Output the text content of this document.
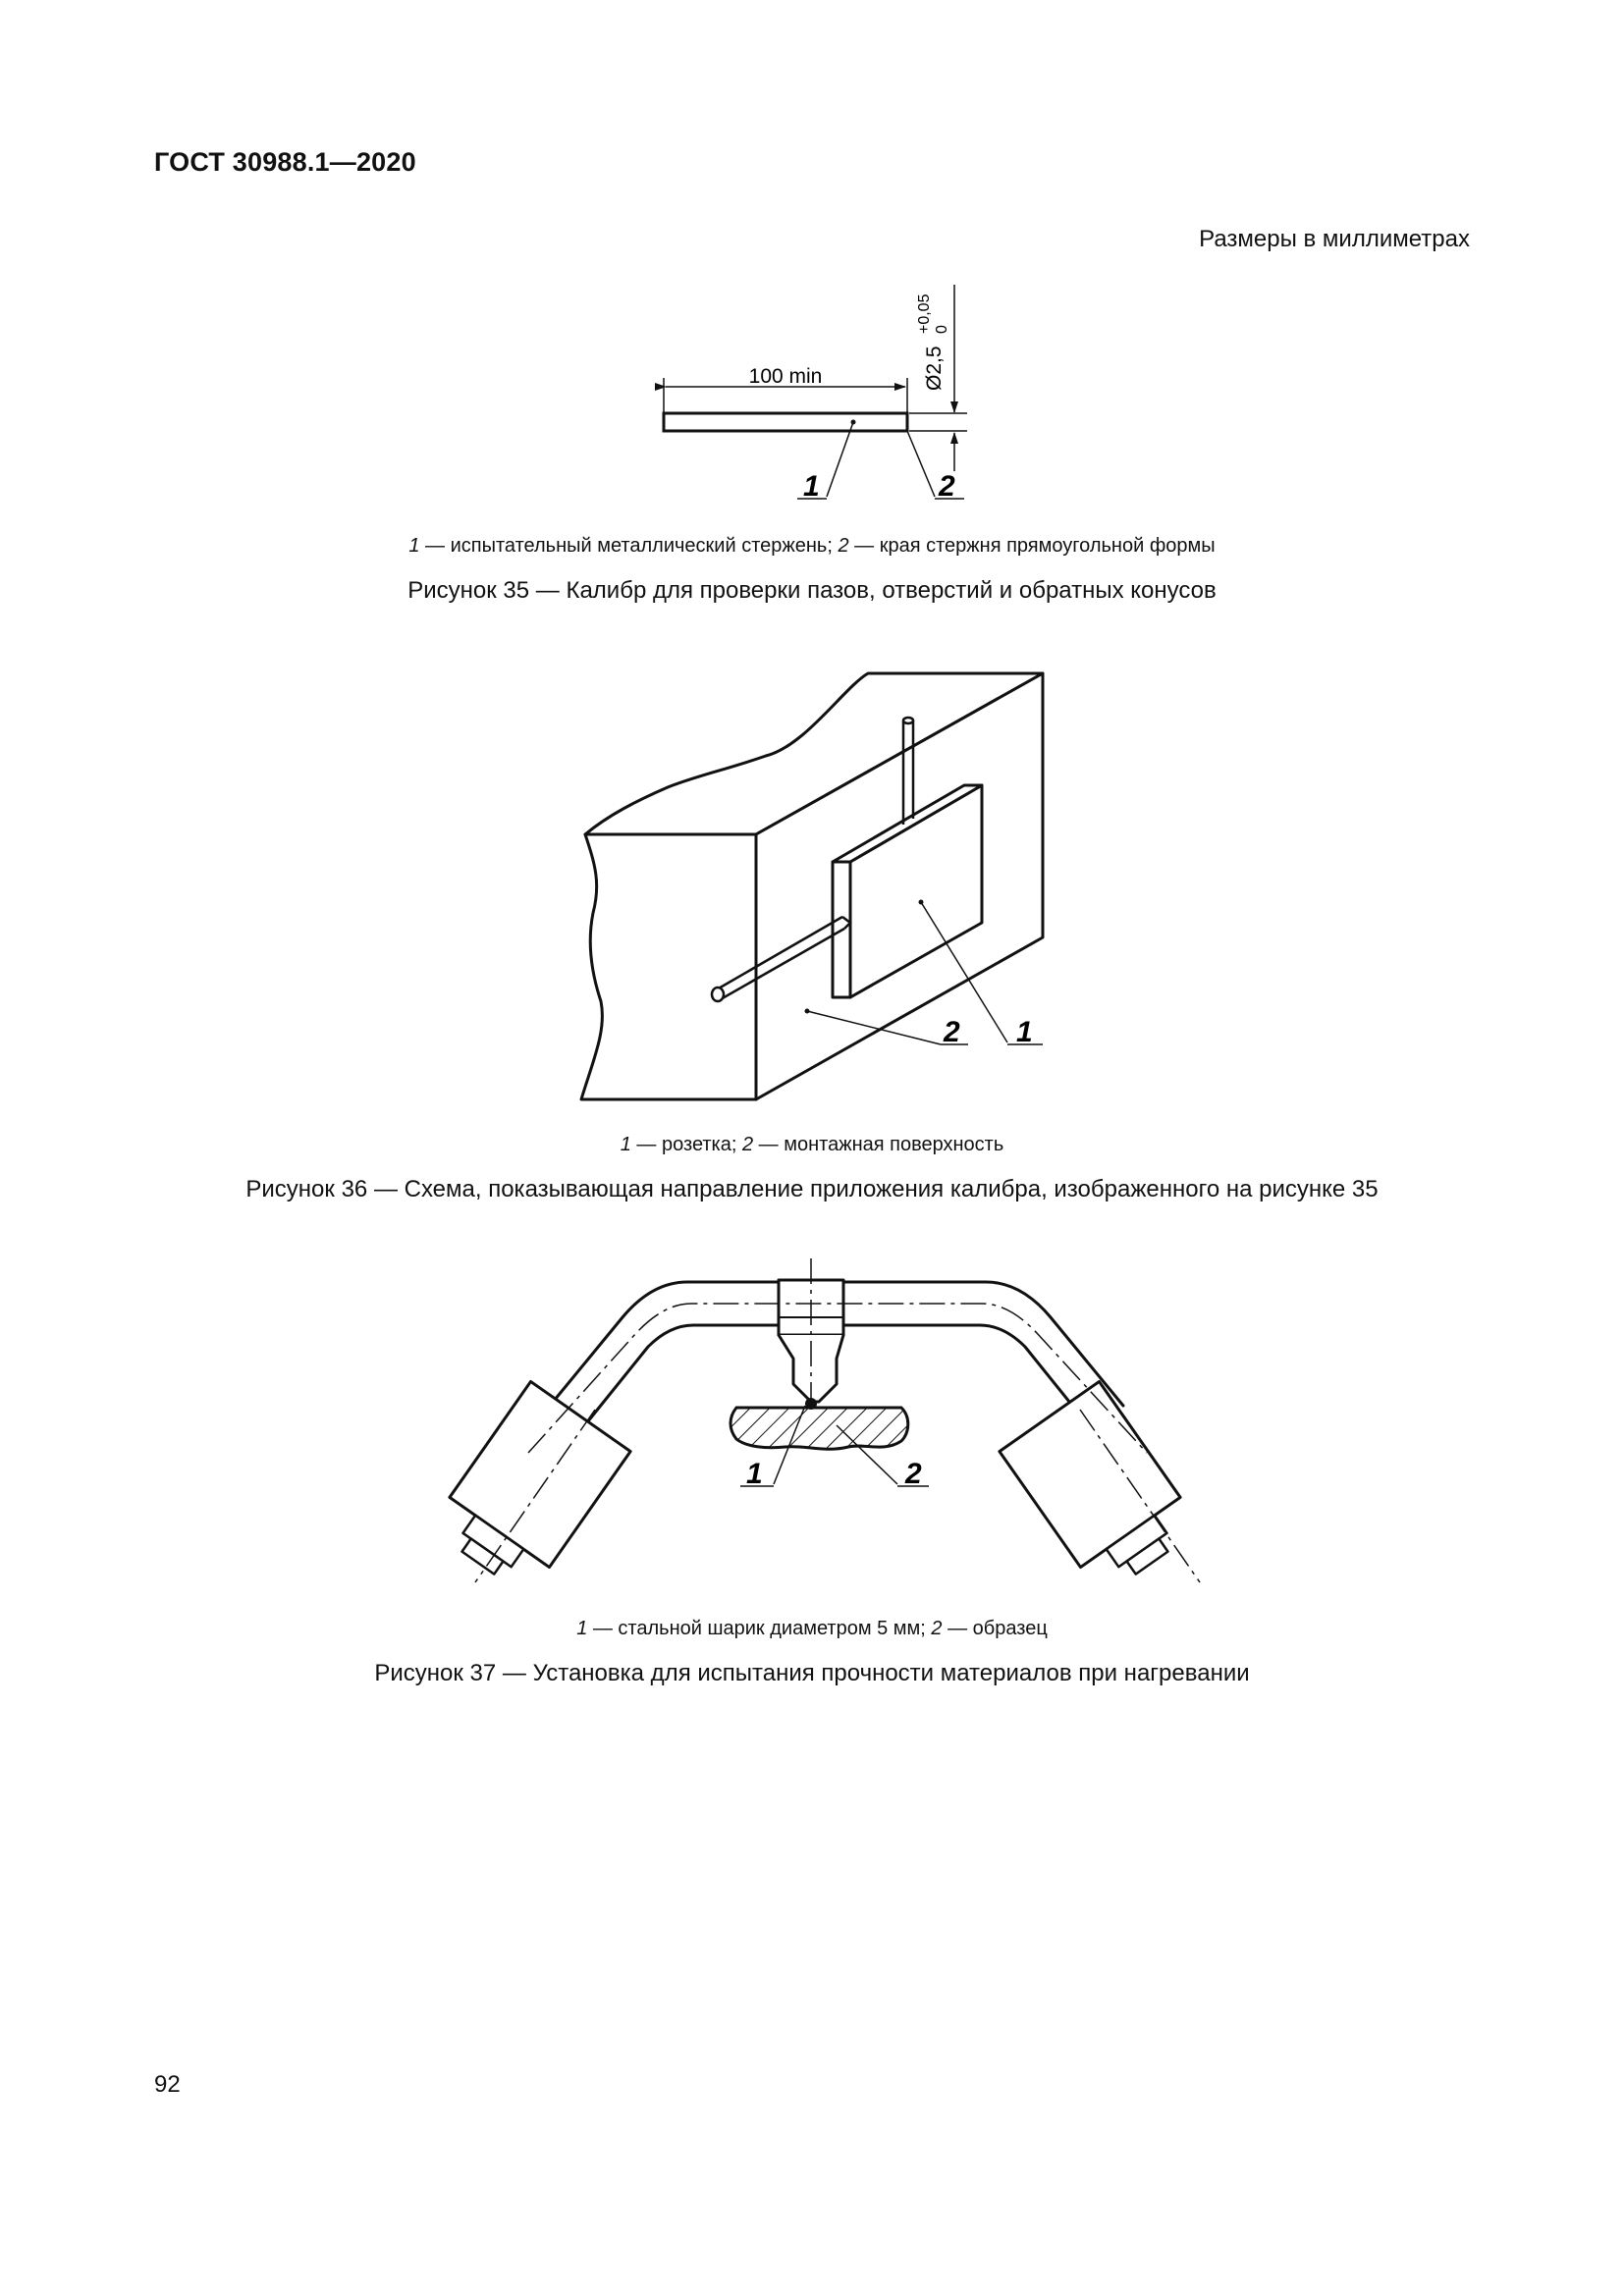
ГОСТ 30988.1—2020
Размеры в миллиметрах
100 min	Ø2,5
+0,05 0
1	2
1 — испытательный металлический стержень; 2 — края стержня прямоугольной формы
Рисунок 35 — Калибр для проверки пазов, отверстий и обратных конусов
2 1
1 — розетка; 2 — монтажная поверхность
Рисунок 36 — Схема, показывающая направление приложения калибра, изображенного на рисунке 35
1	2
1 — стальной шарик диаметром 5 мм; 2 — образец
Рисунок 37 — Установка для испытания прочности материалов при нагревании
92
